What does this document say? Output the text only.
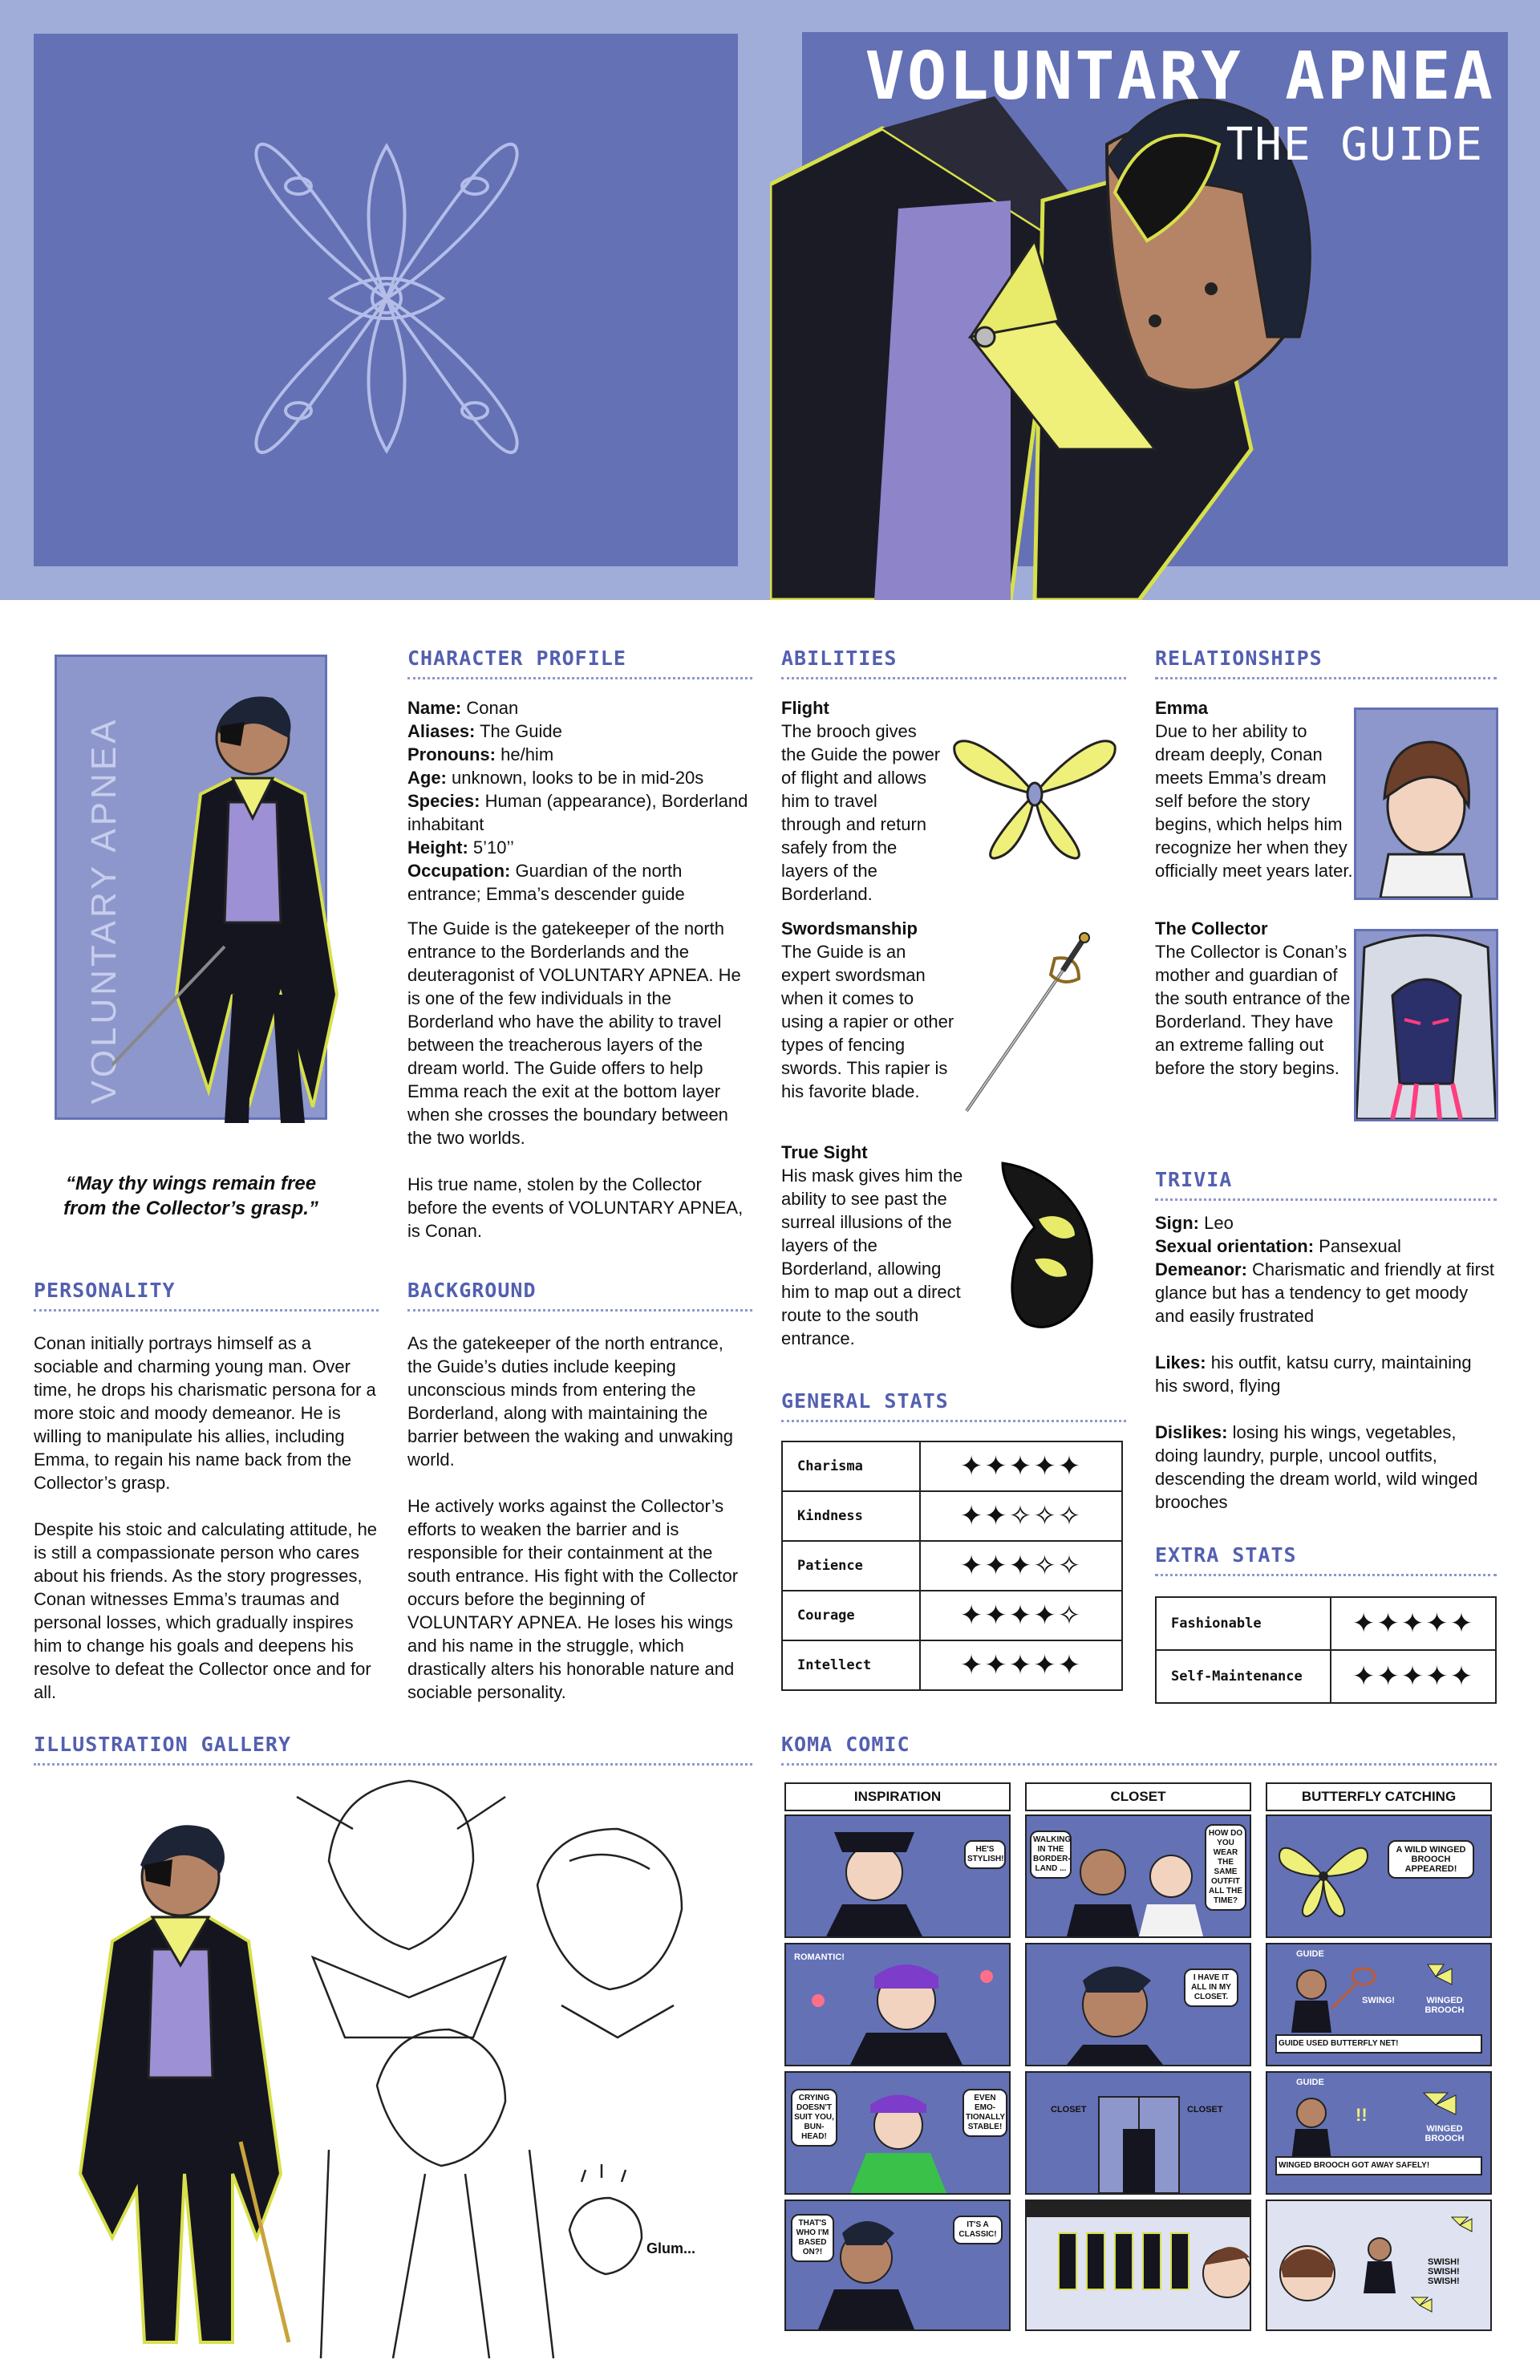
VOLUNTARY APNEA
THE GUIDE
VOLUNTARY APNEA
“May thy wings remain free from the Collector’s grasp.”
CHARACTER PROFILE
Name: Conan
Aliases: The Guide
Pronouns: he/him
Age: unknown, looks to be in mid-20s
Species: Human (appearance), Borderland inhabitant
Height: 5’10’’
Occupation: Guardian of the north entrance; Emma’s descender guide

The Guide is the gatekeeper of the north entrance to the Borderlands and the deuteragonist of VOLUNTARY APNEA. He is one of the few individuals in the Borderland who have the ability to travel between the treacherous layers of the dream world. The Guide offers to help Emma reach the exit at the bottom layer when she crosses the boundary between the two worlds.

His true name, stolen by the Collector before the events of VOLUNTARY APNEA, is Conan.

ABILITIES
Flight
The brooch gives the Guide the power of flight and allows him to travel through and return safely from the layers of the Borderland.
Swordsmanship
The Guide is an expert swordsman when it comes to using a rapier or other types of fencing swords. This rapier is his favorite blade.
True Sight
His mask gives him the ability to see past the surreal illusions of the layers of the Borderland, allowing him to map out a direct route to the south entrance.
RELATIONSHIPS
Emma
Due to her ability to dream deeply, Conan meets Emma’s dream self before the story begins, which helps him recognize her when they officially meet years later.
The Collector
The Collector is Conan’s mother and guardian of the south entrance of the Borderland. They have an extreme falling out before the story begins.
TRIVIA
Sign: Leo
Sexual orientation: Pansexual
Demeanor: Charismatic and friendly at first glance but has a tendency to get moody and easily frustrated
Likes: his outfit, katsu curry, maintaining his sword, flying
Dislikes: losing his wings, vegetables, doing laundry, purple, uncool outfits, descending the dream world, wild winged brooches
PERSONALITY

Conan initially portrays himself as a sociable and charming young man. Over time, he drops his charismatic persona for a more stoic and moody demeanor. He is willing to manipulate his allies, including Emma, to regain his name back from the Collector’s grasp.

Despite his stoic and calculating attitude, he is still a compassionate person who cares about his friends. As the story progresses, Conan witnesses Emma’s traumas and personal losses, which gradually inspires him to change his goals and deepens his resolve to defeat the Collector once and for all.

BACKGROUND

As the gatekeeper of the north entrance, the Guide’s duties include keeping unconscious minds from entering the Borderland, along with maintaining the barrier between the waking and unwaking world.

He actively works against the Collector’s efforts to weaken the barrier and is responsible for their containment at the south entrance. His fight with the Collector occurs before the beginning of VOLUNTARY APNEA. He loses his wings and his name in the struggle, which drastically alters his honorable nature and sociable personality.

GENERAL STATS
Charisma	✦✦✦✦✦
Kindness	✦✦✧✧✧
Patience	✦✦✦✧✧
Courage	✦✦✦✦✧
Intellect	✦✦✦✦✦
EXTRA STATS
Fashionable	✦✦✦✦✦
Self-Maintenance	✦✦✦✦✦
ILLUSTRATION GALLERY
Glum...
KOMA COMIC
INSPIRATION
HE'S STYLISH!
ROMANTIC!
CRYING DOESN'T SUIT YOU, BUN-HEAD!
EVEN EMO-TIONALLY STABLE!
THAT'S WHO I'M BASED ON?!
IT'S A CLASSIC!
CLOSET
WALKING IN THE BORDER-LAND ...
HOW DO YOU WEAR THE SAME OUTFIT ALL THE TIME?
I HAVE IT ALL IN MY CLOSET.
CLOSET	CLOSET
BUTTERFLY CATCHING
A WILD WINGED BROOCH APPEARED!
GUIDE
SWING!	WINGED BROOCH
GUIDE USED BUTTERFLY NET!
GUIDE
!!
WINGED BROOCH
WINGED BROOCH GOT AWAY SAFELY!
SWISH! SWISH! SWISH!
